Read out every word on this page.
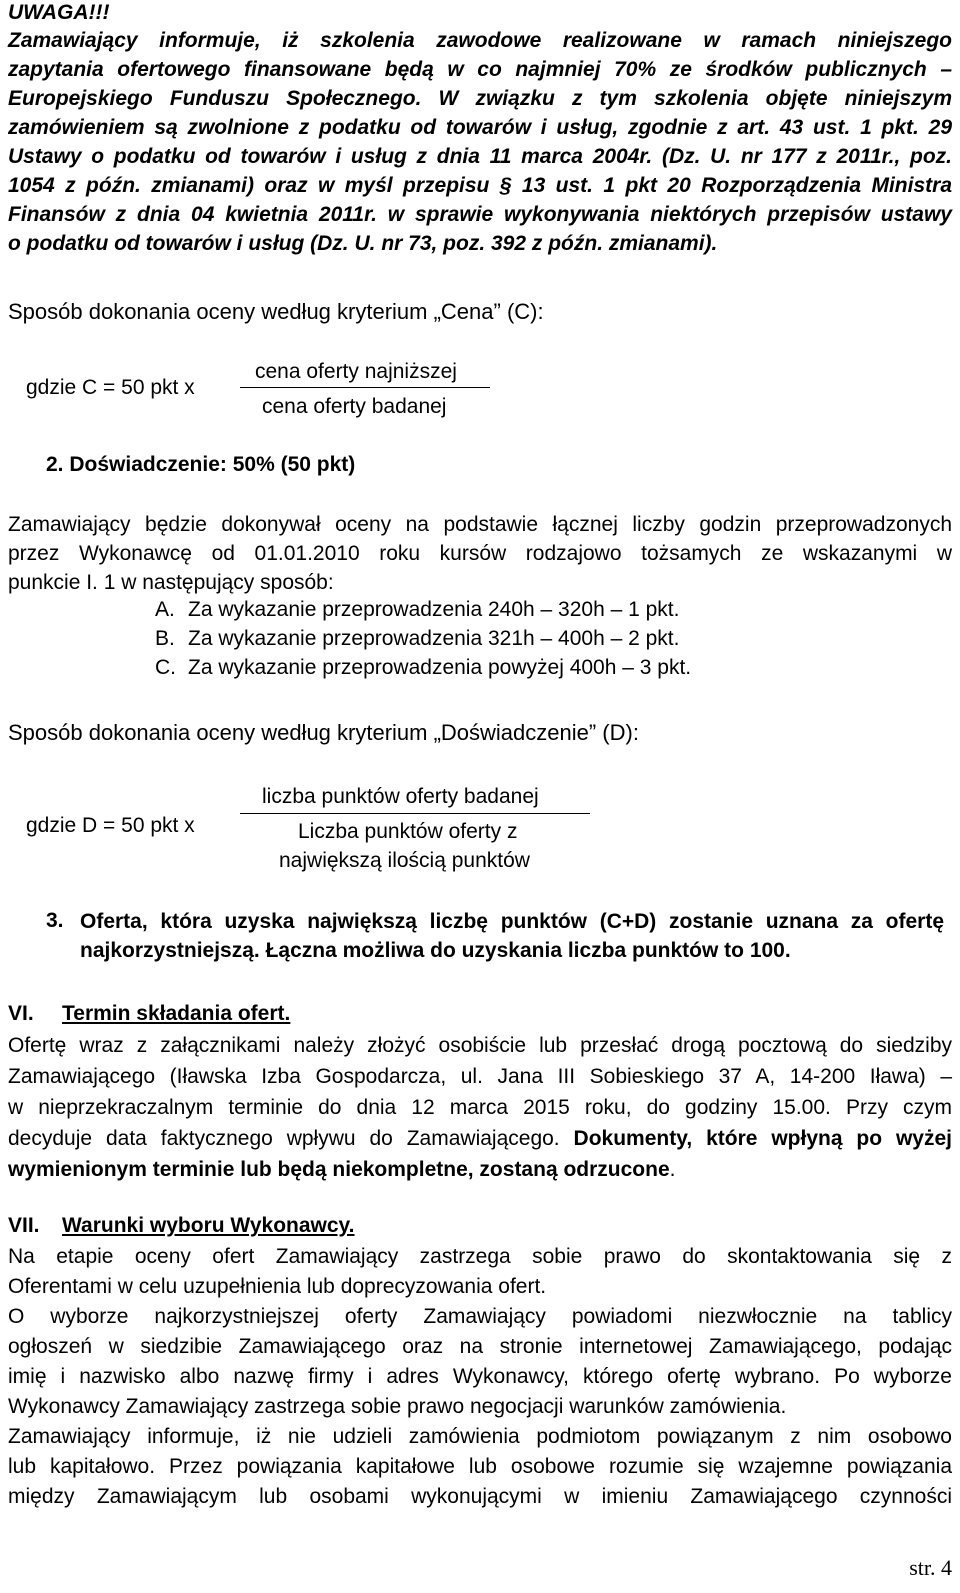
UWAGA!!!
Zamawiający informuje, iż szkolenia zawodowe realizowane w ramach niniejszego
zapytania ofertowego finansowane będą w co najmniej 70% ze środków publicznych –
Europejskiego Funduszu Społecznego. W związku z tym szkolenia objęte niniejszym
zamówieniem są zwolnione z podatku od towarów i usług, zgodnie z art. 43 ust. 1 pkt. 29
Ustawy o podatku od towarów i usług z dnia 11 marca 2004r. (Dz. U. nr 177 z 2011r., poz.
1054 z późn. zmianami) oraz w myśl przepisu § 13 ust. 1 pkt 20 Rozporządzenia Ministra
Finansów z dnia 04 kwietnia 2011r. w sprawie wykonywania niektórych przepisów ustawy
o podatku od towarów i usług (Dz. U. nr 73, poz. 392 z późn. zmianami).
Sposób dokonania oceny według kryterium „Cena” (C):
gdzie C = 50 pkt x
cena oferty najniższej
cena oferty badanej
2. Doświadczenie: 50% (50 pkt)
Zamawiający będzie dokonywał oceny na podstawie łącznej liczby godzin przeprowadzonych
przez Wykonawcę od 01.01.2010 roku kursów rodzajowo tożsamych ze wskazanymi w
punkcie I. 1 w następujący sposób:
A. Za wykazanie przeprowadzenia 240h – 320h – 1 pkt.
B. Za wykazanie przeprowadzenia 321h – 400h – 2 pkt.
C. Za wykazanie przeprowadzenia powyżej 400h – 3 pkt.
Sposób dokonania oceny według kryterium „Doświadczenie” (D):
gdzie D = 50 pkt x
liczba punktów oferty badanej
Liczba punktów oferty z
największą ilością punktów
3. Oferta, która uzyska największą liczbę punktów (C+D) zostanie uznana za ofertę
najkorzystniejszą. Łączna możliwa do uzyskania liczba punktów to 100.
VI. Termin składania ofert.
Ofertę wraz z załącznikami należy złożyć osobiście lub przesłać drogą pocztową do siedziby
Zamawiającego (Iławska Izba Gospodarcza, ul. Jana III Sobieskiego 37 A, 14-200 Iława) –
w nieprzekraczalnym terminie do dnia 12 marca 2015 roku, do godziny 15.00. Przy czym
decyduje data faktycznego wpływu do Zamawiającego. Dokumenty, które wpłyną po wyżej
wymienionym terminie lub będą niekompletne, zostaną odrzucone.
VII. Warunki wyboru Wykonawcy.
Na etapie oceny ofert Zamawiający zastrzega sobie prawo do skontaktowania się z
Oferentami w celu uzupełnienia lub doprecyzowania ofert.
O wyborze najkorzystniejszej oferty Zamawiający powiadomi niezwłocznie na tablicy
ogłoszeń w siedzibie Zamawiającego oraz na stronie internetowej Zamawiającego, podając
imię i nazwisko albo nazwę firmy i adres Wykonawcy, którego ofertę wybrano. Po wyborze
Wykonawcy Zamawiający zastrzega sobie prawo negocjacji warunków zamówienia.
Zamawiający informuje, iż nie udzieli zamówienia podmiotom powiązanym z nim osobowo
lub kapitałowo. Przez powiązania kapitałowe lub osobowe rozumie się wzajemne powiązania
między Zamawiającym lub osobami wykonującymi w imieniu Zamawiającego czynności
str. 4
